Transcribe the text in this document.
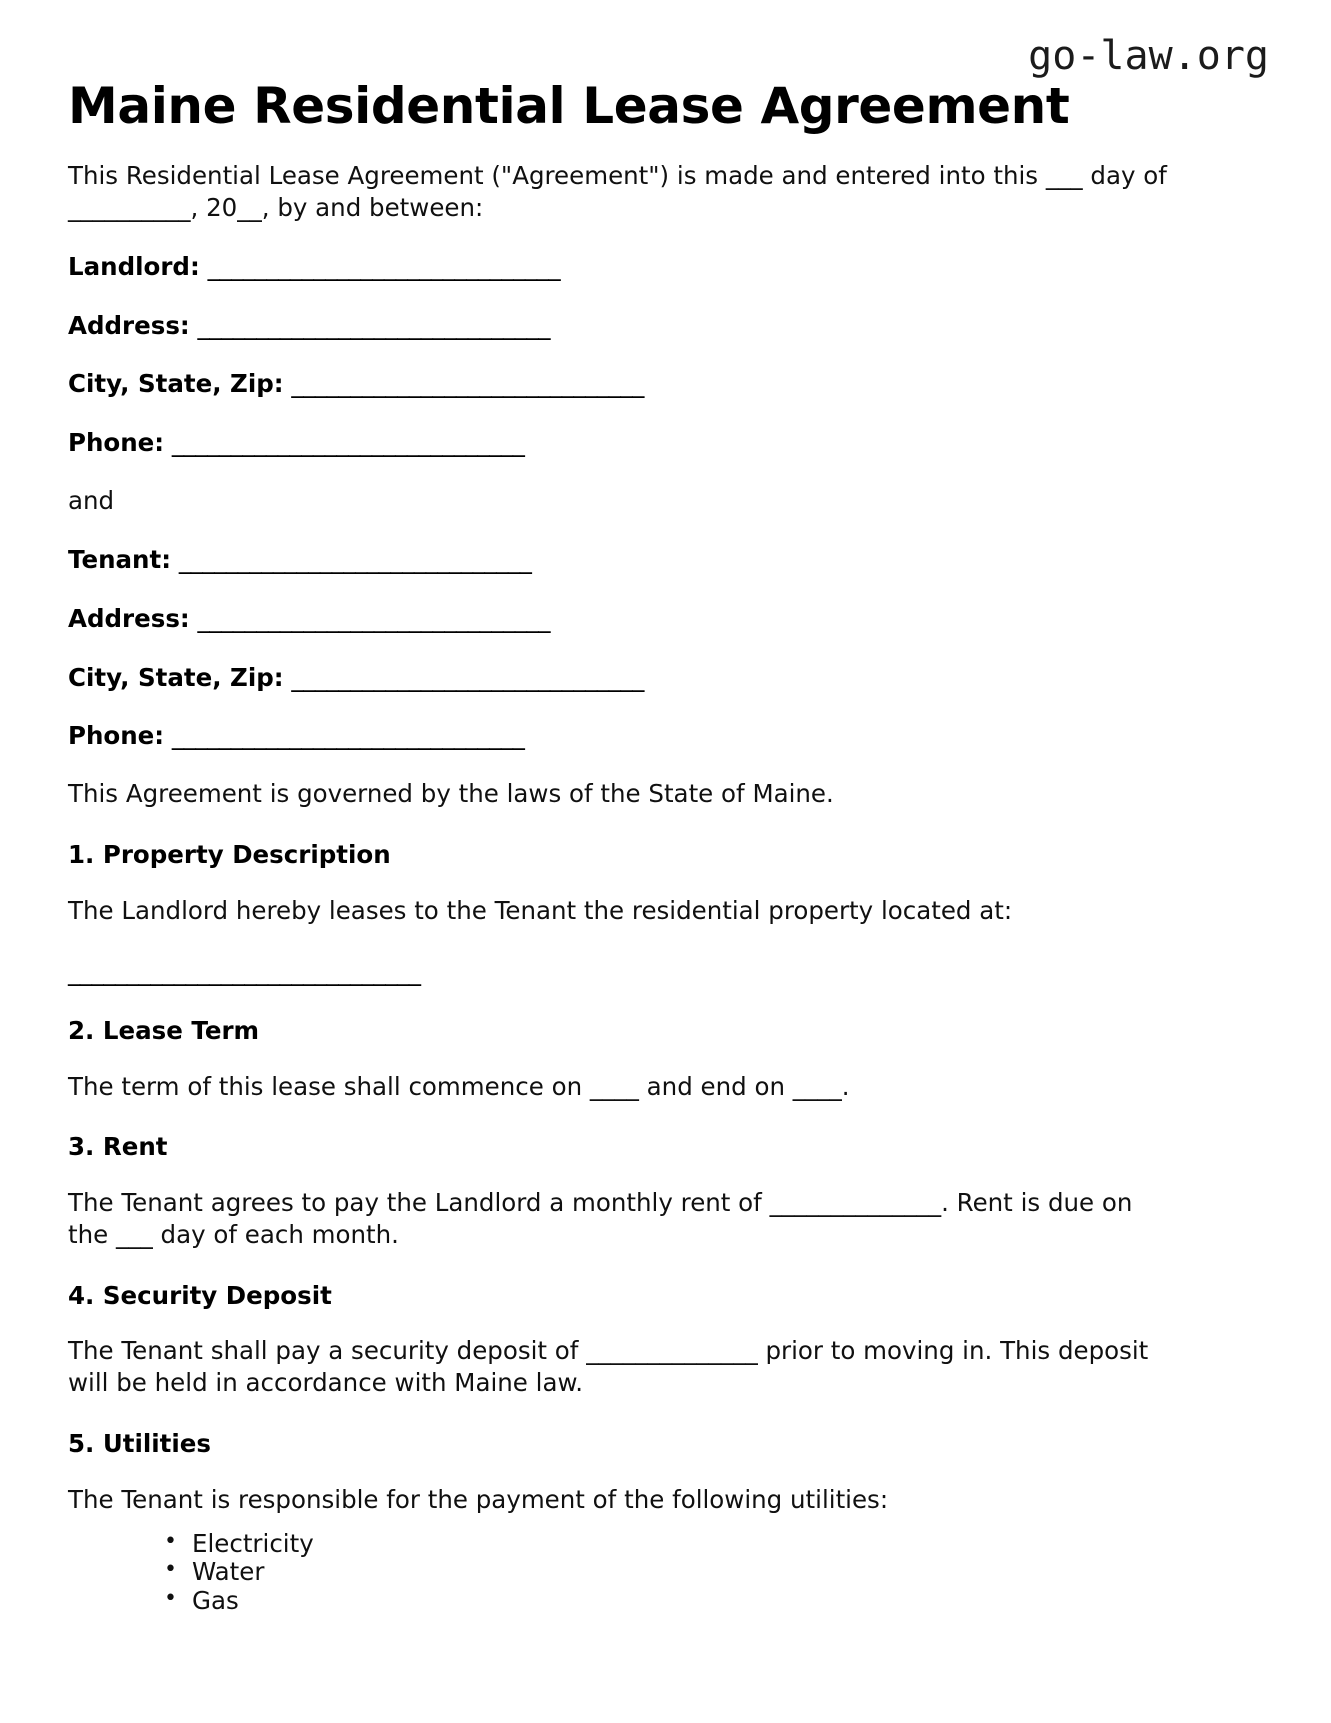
go-law.org
Maine Residential Lease Agreement

This Residential Lease Agreement ("Agreement") is made and entered into this ___ day of __________, 20__, by and between:

Landlord: ______________________________

Address: ______________________________

City, State, Zip: ______________________________

Phone: ______________________________

and

Tenant: ______________________________

Address: ______________________________

City, State, Zip: ______________________________

Phone: ______________________________

This Agreement is governed by the laws of the State of Maine.

1. Property Description

The Landlord hereby leases to the Tenant the residential property located at:

______________________________

2. Lease Term

The term of this lease shall commence on ____ and end on ____.

3. Rent

The Tenant agrees to pay the Landlord a monthly rent of ______________. Rent is due on the ___ day of each month.

4. Security Deposit

The Tenant shall pay a security deposit of ______________ prior to moving in. This deposit will be held in accordance with Maine law.

5. Utilities

The Tenant is responsible for the payment of the following utilities:

• Electricity
• Water
• Gas
